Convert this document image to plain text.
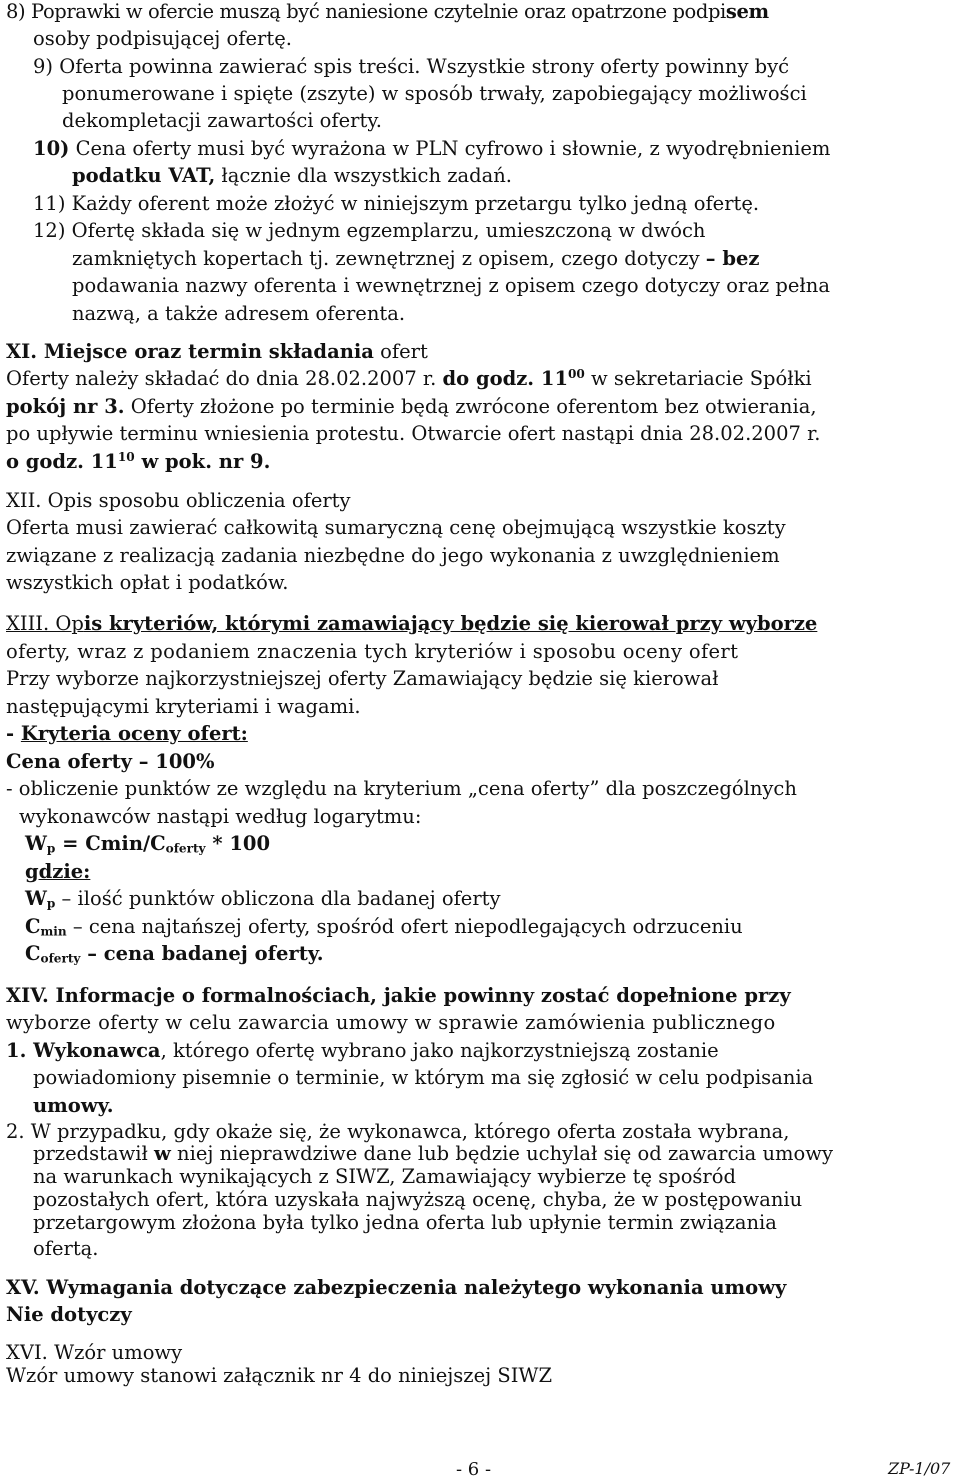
8) Poprawki w ofercie muszą być naniesione czytelnie oraz opatrzone podpisem
osoby podpisującej ofertę.
9) Oferta powinna zawierać spis treści. Wszystkie strony oferty powinny być
ponumerowane i spięte (zszyte) w sposób trwały, zapobiegający możliwości
dekompletacji zawartości oferty.
10) Cena oferty musi być wyrażona w PLN cyfrowo i słownie, z wyodrębnieniem
podatku VAT, łącznie dla wszystkich zadań.
11) Każdy oferent może złożyć w niniejszym przetargu tylko jedną ofertę.
12) Ofertę składa się w jednym egzemplarzu, umieszczoną w dwóch
zamkniętych kopertach tj. zewnętrznej z opisem, czego dotyczy – bez
podawania nazwy oferenta i wewnętrznej z opisem czego dotyczy oraz pełna
nazwą, a także adresem oferenta.
XI. Miejsce oraz termin składania ofert
Oferty należy składać do dnia 28.02.2007 r. do godz. $11^{00}$ w sekretariacie Spółki
pokój nr 3. Oferty złożone po terminie będą zwrócone oferentom bez otwierania,
po upływie terminu wniesienia protestu. Otwarcie ofert nastąpi dnia 28.02.2007 r.
o godz. $11^{10}$ w pok. nr 9.
XII. Opis sposobu obliczenia oferty
Oferta musi zawierać całkowitą sumaryczną cenę obejmującą wszystkie koszty
związane z realizacją zadania niezbędne do jego wykonania z uwzględnieniem
wszystkich opłat i podatków.
XIII. Opis kryteriów, którymi zamawiający będzie się kierował przy wyborze
oferty, wraz z podaniem znaczenia tych kryteriów i sposobu oceny ofert
Przy wyborze najkorzystniejszej oferty Zamawiający będzie się kierował
następującymi kryteriami i wagami.
- Kryteria oceny ofert:
Cena oferty – 100%
- obliczenie punktów ze względu na kryterium „cena oferty” dla poszczególnych
wykonawców nastąpi według logarytmu:
$W_p = Cmin/C_{oferty} * 100$
gdzie:
$W_p$ – ilość punktów obliczona dla badanej oferty
$C_{min}$ – cena najtańszej oferty, spośród ofert niepodlegających odrzuceniu
$C_{oferty}$ – cena badanej oferty.
XIV. Informacje o formalnościach, jakie powinny zostać dopełnione przy
wyborze oferty w celu zawarcia umowy w sprawie zamówienia publicznego
1. Wykonawca, którego ofertę wybrano jako najkorzystniejszą zostanie
powiadomiony pisemnie o terminie, w którym ma się zgłosić w celu podpisania
umowy.
2. W przypadku, gdy okaże się, że wykonawca, którego oferta została wybrana,
przedstawił w niej nieprawdziwe dane lub będzie uchylał się od zawarcia umowy
na warunkach wynikających z SIWZ, Zamawiający wybierze tę spośród
pozostałych ofert, która uzyskała najwyższą ocenę, chyba, że w postępowaniu
przetargowym złożona była tylko jedna oferta lub upłynie termin związania
ofertą.
XV. Wymagania dotyczące zabezpieczenia należytego wykonania umowy
Nie dotyczy
XVI. Wzór umowy
Wzór umowy stanowi załącznik nr 4 do niniejszej SIWZ
- 6 -	ZP-1/07
